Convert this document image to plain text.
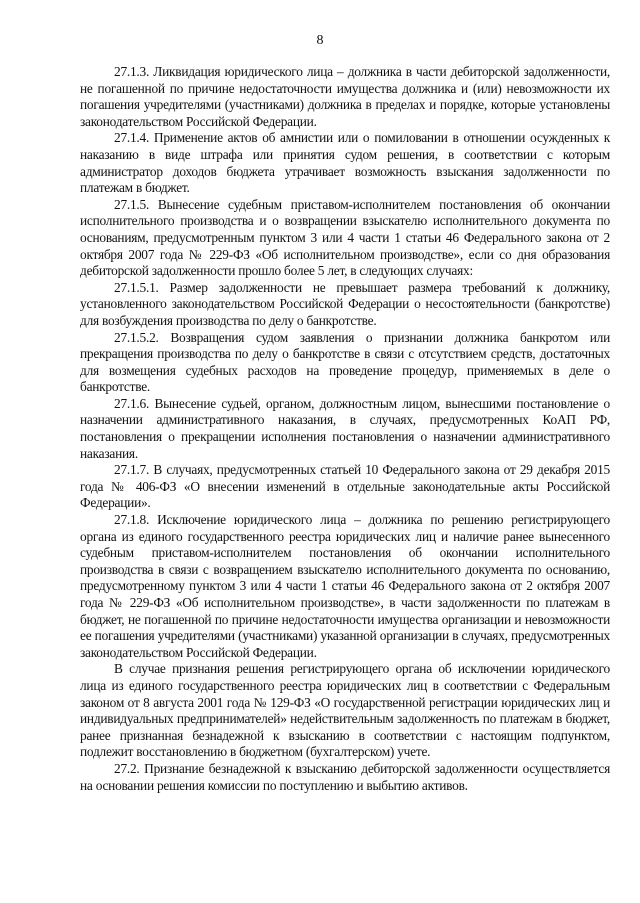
8

27.1.3. Ликвидация юридического лица – должника в части дебиторской задолженности, не погашенной по причине недостаточности имущества должника и (или) невозможности их погашения учредителями (участниками) должника в пределах и порядке, которые установлены законодательством Российской Федерации.

27.1.4. Применение актов об амнистии или о помиловании в отношении осужденных к наказанию в виде штрафа или принятия судом решения, в соответствии с которым администратор доходов бюджета утрачивает возможность взыскания задолженности по платежам в бюджет.

27.1.5. Вынесение судебным приставом-исполнителем постановления об окончании исполнительного производства и о возвращении взыскателю исполнительного документа по основаниям, предусмотренным пунктом 3 или 4 части 1 статьи 46 Федерального закона от 2 октября 2007 года № 229-ФЗ «Об исполнительном производстве», если со дня образования дебиторской задолженности прошло более 5 лет, в следующих случаях:

27.1.5.1. Размер задолженности не превышает размера требований к должнику, установленного законодательством Российской Федерации о несостоятельности (банкротстве) для возбуждения производства по делу о банкротстве.

27.1.5.2. Возвращения судом заявления о признании должника банкротом или прекращения производства по делу о банкротстве в связи с отсутствием средств, достаточных для возмещения судебных расходов на проведение процедур, применяемых в деле о банкротстве.

27.1.6. Вынесение судьей, органом, должностным лицом, вынесшими постановление о назначении административного наказания, в случаях, предусмотренных КоАП РФ, постановления о прекращении исполнения постановления о назначении административного наказания.

27.1.7. В случаях, предусмотренных статьей 10 Федерального закона от 29 декабря 2015 года № 406-ФЗ «О внесении изменений в отдельные законодательные акты Российской Федерации».

27.1.8. Исключение юридического лица – должника по решению регистрирующего органа из единого государственного реестра юридических лиц и наличие ранее вынесенного судебным приставом-исполнителем постановления об окончании исполнительного производства в связи с возвращением взыскателю исполнительного документа по основанию, предусмотренному пунктом 3 или 4 части 1 статьи 46 Федерального закона от 2 октября 2007 года № 229-ФЗ «Об исполнительном производстве», в части задолженности по платежам в бюджет, не погашенной по причине недостаточности имущества организации и невозможности ее погашения учредителями (участниками) указанной организации в случаях, предусмотренных законодательством Российской Федерации.

В случае признания решения регистрирующего органа об исключении юридического лица из единого государственного реестра юридических лиц в соответствии с Федеральным законом от 8 августа 2001 года № 129-ФЗ «О государственной регистрации юридических лиц и индивидуальных предпринимателей» недействительным задолженность по платежам в бюджет, ранее признанная безнадежной к взысканию в соответствии с настоящим подпунктом, подлежит восстановлению в бюджетном (бухгалтерском) учете.

27.2. Признание безнадежной к взысканию дебиторской задолженности осуществляется на основании решения комиссии по поступлению и выбытию активов.
